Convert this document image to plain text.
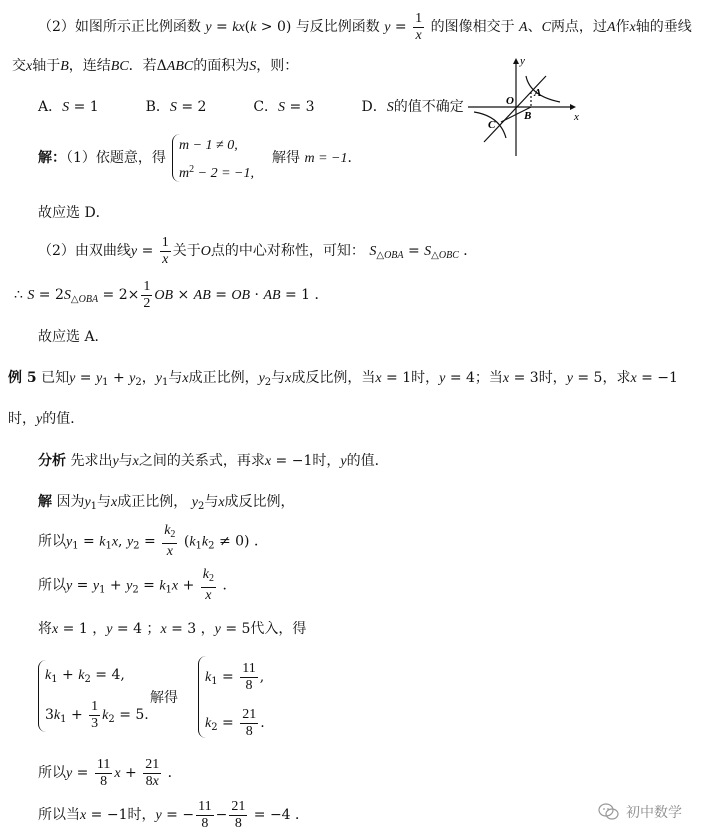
（2）如图所示正比例函数 y = kx(k > 0) 与反比例函数 $y = \frac{1}{x}$ 的图像相交于 A、C两点，过A作x轴的垂线
交x轴于B，连结BC．若ΔABC的面积为S，则：
A．S = 1	B．S = 2	C．S = 3	D．S的值不确定
y
x
O
A
B
C
解：（1）依题意，得
m − 1 ≠ 0,
$m^2 - 2 = -1$,
解得 m = −1．
故应选 D．
（2）由双曲线$y = \frac{1}{x}$ 关于O点的中心对称性，可知： $S_{\triangle OBA} = S_{\triangle OBC}$ ．
∴ $S = 2S_{\triangle OBA} = 2\times \frac{1}{2}$ OB × AB = OB · AB = 1 ．
故应选 A．
例 5 已知$y = y_1 + y_2$，$y_1$与x成正比例，$y_2$与x成反比例，当x = 1时，y = 4；当x = 3时，y = 5，求x = −1
时，y的值．
分析 先求出y与x之间的关系式，再求x = −1时，y的值．
解 因为$y_1$与x成正比例， $y_2$与x成反比例，
所以$y_1 = k_1x$, $y_2 = \frac{k_2}{x} (k_1k_2 \ne 0)$ ．
所以$y = y_1 + y_2 = k_1x + \frac{k_2}{x}$ ．
将x = 1 ，y = 4 ；x = 3 ，y = 5代入，得
$k_1 + k_2 = 4$,
$3k_1 + \frac{1}{3} k_2 = 5$.
解得
$k_1 = \frac{11}{8}$ ,
$k_2 = \frac{21}{8}$ .
所以$y = \frac{11}{8}$ $x + \frac{21}{8x}$ ．
所以当x = −1时，y = − $\frac{11}{8} - \frac{21}{8} = -4$ ．	初中数学
